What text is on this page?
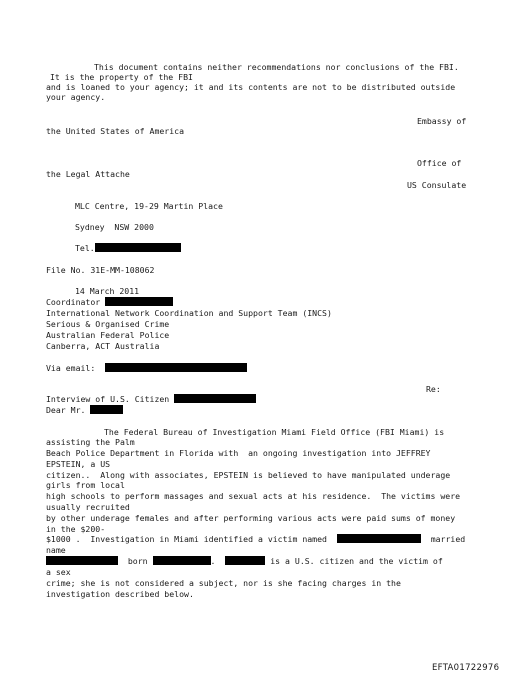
This document contains neither recommendations nor conclusions of the FBI.
It is the property of the FBI
and is loaned to your agency; it and its contents are not to be distributed outside
your agency.
Embassy of
the United States of America
Office of
the Legal Attache
US Consulate
MLC Centre, 19-29 Martin Place
Sydney  NSW 2000
Tel.
File No. 31E-MM-108062
14 March 2011
Coordinator
International Network Coordination and Support Team (INCS)
Serious & Organised Crime
Australian Federal Police
Canberra, ACT Australia
Via email:
Re:
Interview of U.S. Citizen
Dear Mr.
The Federal Bureau of Investigation Miami Field Office (FBI Miami) is
assisting the Palm
Beach Police Department in Florida with  an ongoing investigation into JEFFREY
EPSTEIN, a US
citizen..  Along with associates, EPSTEIN is believed to have manipulated underage
girls from local
high schools to perform massages and sexual acts at his residence.  The victims were
usually recruited
by other underage females and after performing various acts were paid sums of money
in the $200-
$1000 .  Investigation in Miami identified a victim named	married
name
born	.	is a U.S. citizen and the victim of
a sex
crime; she is not considered a subject, nor is she facing charges in the
investigation described below.
EFTA01722976
